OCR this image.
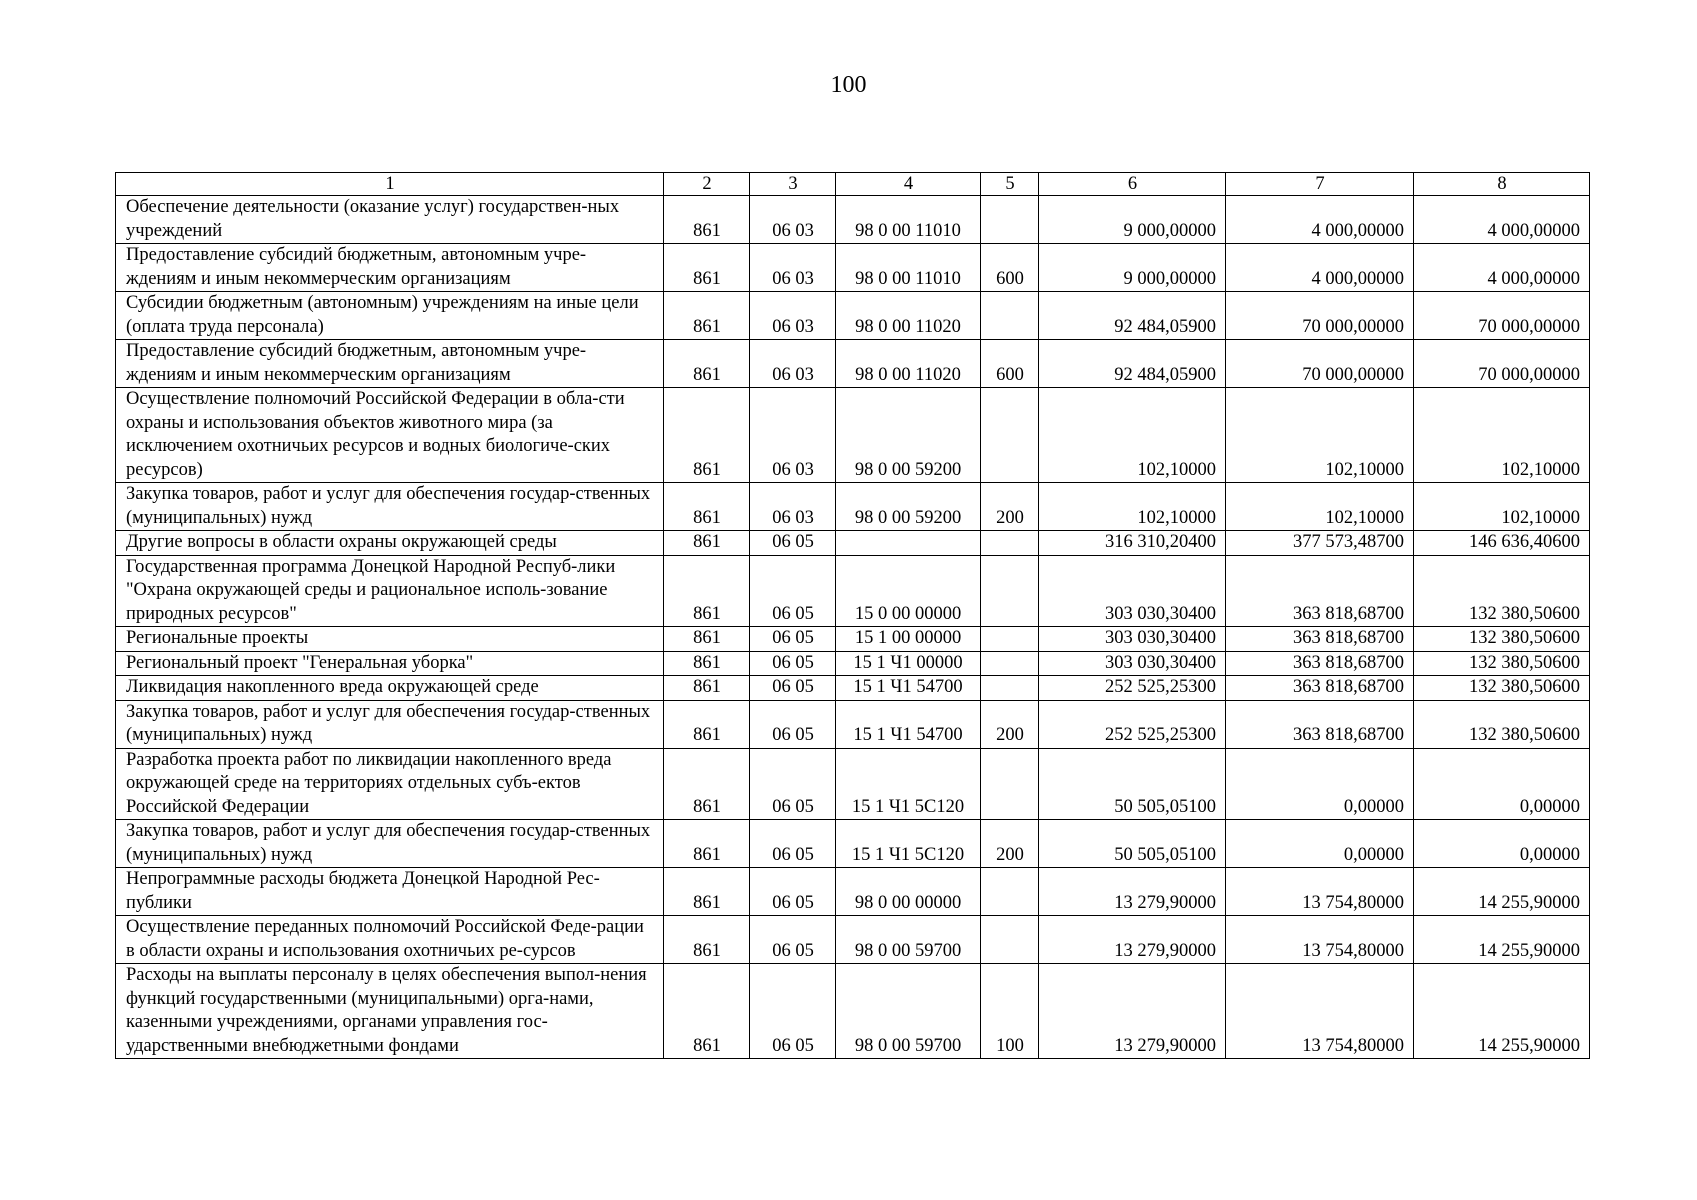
100
1	2	3	4	5	6	7	8
Обеспечение деятельности (оказание услуг) государствен-ных учреждений	861	06 03	98 0 00 11010		9 000,00000	4 000,00000	4 000,00000
Предоставление субсидий бюджетным, автономным учре-ждениям и иным некоммерческим организациям	861	06 03	98 0 00 11010	600	9 000,00000	4 000,00000	4 000,00000
Субсидии бюджетным (автономным) учреждениям на иные цели (оплата труда персонала)	861	06 03	98 0 00 11020		92 484,05900	70 000,00000	70 000,00000
Предоставление субсидий бюджетным, автономным учре-ждениям и иным некоммерческим организациям	861	06 03	98 0 00 11020	600	92 484,05900	70 000,00000	70 000,00000
Осуществление полномочий Российской Федерации в обла-сти охраны и использования объектов животного мира (за исключением охотничьих ресурсов и водных биологиче-ских ресурсов)	861	06 03	98 0 00 59200		102,10000	102,10000	102,10000
Закупка товаров, работ и услуг для обеспечения государ-ственных (муниципальных) нужд	861	06 03	98 0 00 59200	200	102,10000	102,10000	102,10000
Другие вопросы в области охраны окружающей среды	861	06 05			316 310,20400	377 573,48700	146 636,40600
Государственная программа Донецкой Народной Респуб-лики "Охрана окружающей среды и рациональное исполь-зование природных ресурсов"	861	06 05	15 0 00 00000		303 030,30400	363 818,68700	132 380,50600
Региональные проекты	861	06 05	15 1 00 00000		303 030,30400	363 818,68700	132 380,50600
Региональный проект "Генеральная уборка"	861	06 05	15 1 Ч1 00000		303 030,30400	363 818,68700	132 380,50600
Ликвидация накопленного вреда окружающей среде	861	06 05	15 1 Ч1 54700		252 525,25300	363 818,68700	132 380,50600
Закупка товаров, работ и услуг для обеспечения государ-ственных (муниципальных) нужд	861	06 05	15 1 Ч1 54700	200	252 525,25300	363 818,68700	132 380,50600
Разработка проекта работ по ликвидации накопленного вреда окружающей среде на территориях отдельных субъ-ектов Российской Федерации	861	06 05	15 1 Ч1 5С120		50 505,05100	0,00000	0,00000
Закупка товаров, работ и услуг для обеспечения государ-ственных (муниципальных) нужд	861	06 05	15 1 Ч1 5С120	200	50 505,05100	0,00000	0,00000
Непрограммные расходы бюджета Донецкой Народной Рес-публики	861	06 05	98 0 00 00000		13 279,90000	13 754,80000	14 255,90000
Осуществление переданных полномочий Российской Феде-рации в области охраны и использования охотничьих ре-сурсов	861	06 05	98 0 00 59700		13 279,90000	13 754,80000	14 255,90000
Расходы на выплаты персоналу в целях обеспечения выпол-нения функций государственными (муниципальными) орга-нами, казенными учреждениями, органами управления гос-ударственными внебюджетными фондами	861	06 05	98 0 00 59700	100	13 279,90000	13 754,80000	14 255,90000
